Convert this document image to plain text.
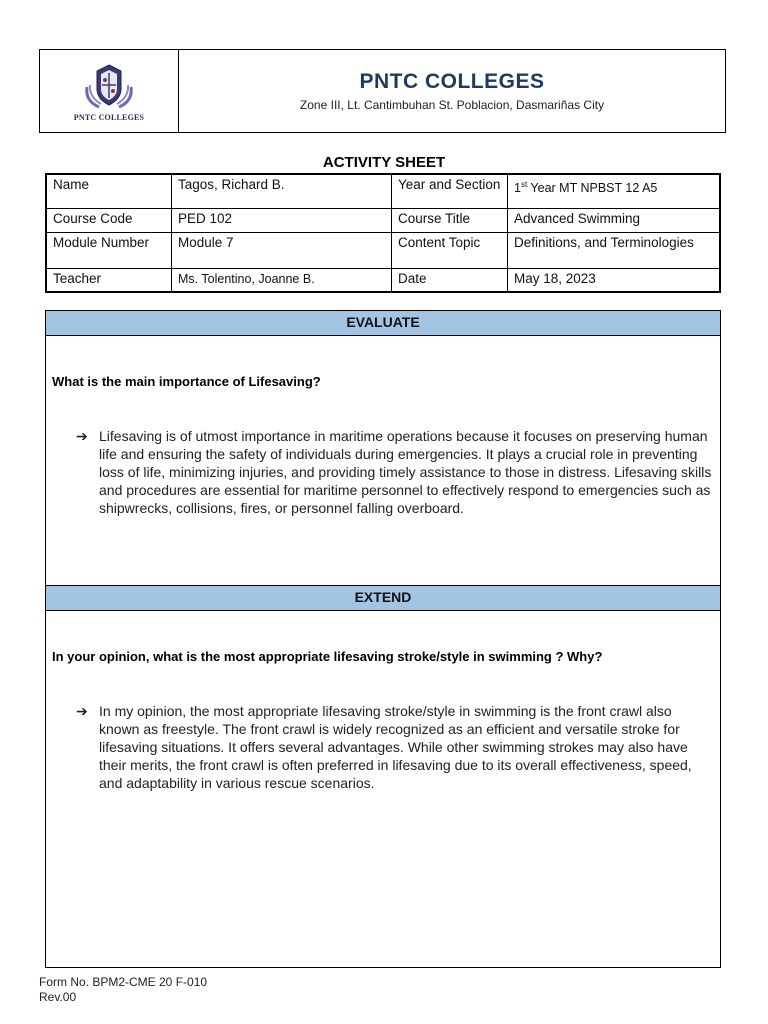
PNTC COLLEGES
PNTC COLLEGES
Zone III, Lt. Cantimbuhan St. Poblacion, Dasmariñas City
ACTIVITY SHEET
Name	Tagos, Richard B.	Year and Section	1st Year MT NPBST 12 A5
Course Code	PED 102	Course Title	Advanced Swimming
Module Number	Module 7	Content Topic	Definitions, and Terminologies
Teacher	Ms. Tolentino, Joanne B.	Date	May 18, 2023
EVALUATE
What is the main importance of Lifesaving?
➔ Lifesaving is of utmost importance in maritime operations because it focuses on preserving human life and ensuring the safety of individuals during emergencies. It plays a crucial role in preventing loss of life, minimizing injuries, and providing timely assistance to those in distress. Lifesaving skills and procedures are essential for maritime personnel to effectively respond to emergencies such as shipwrecks, collisions, fires, or personnel falling overboard.
EXTEND
In your opinion, what is the most appropriate lifesaving stroke/style in swimming ? Why?
➔ In my opinion, the most appropriate lifesaving stroke/style in swimming is the front crawl also known as freestyle. The front crawl is widely recognized as an efficient and versatile stroke for lifesaving situations. It offers several advantages. While other swimming strokes may also have their merits, the front crawl is often preferred in lifesaving due to its overall effectiveness, speed, and adaptability in various rescue scenarios.
Form No. BPM2-CME 20 F-010
Rev.00
